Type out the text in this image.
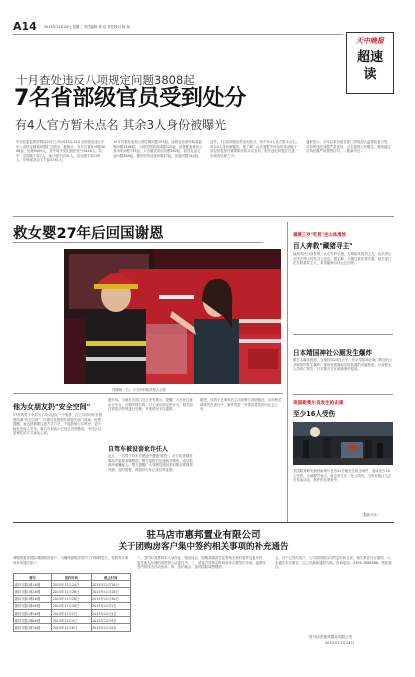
A14 2015年11月24日 星期二 责任编辑 黄 虹 责任校对 杨 杨
天中晚报
超速读
十月查处违反八项规定问题3808起
7名省部级官员受到处分
有4人官方暂未点名 其余3人身份被曝光
中央纪委监察部网站23日公布2015年10月全国查处违反中央八项规定精神问题汇总情况。据统计，当月共查处问题3808起，处理5089人，其中给予党纪政纪处分3446人。其中，省部级干部7人，地厅级干部31人，县处级干部259人，乡科级及以下干部4792人。
10月共查处违规公款吃喝问题153起，违规发放津补贴或福利问题1186起，公款国内旅游问题223起，违规配备使用公务用车问题735起，大办婚丧喜庆问题262起，收送礼品礼金问题488起，楼堂馆所违规问题17起，其他问题744起。
此外，7名省部级官员受到处分，其中有4人官方暂未点名，其余3人身份被曝光。据了解，此次通报中涉及的省部级干部包括曾担任重要职务的多名官员，相关违纪问题正在进一步调查处理之中。
通报显示，今年以来各地各部门持续加大监督检查力度，对顶风违纪问题严肃查处、点名道姓公开曝光，释放越往后执纪越严的强烈信号。（据新华社）
救女婴27年后回国谢恩
郑晓明（右）与当年的救命恩人合影
他为女朋友扔"安全空间"
27岁的男子小刘为了给女朋友一个惊喜，在公共场所私自搭建所谓"安全空间"，结果引发围观并被相关部门劝离。民警提醒，表达感情要注意方式方法，不能影响公共秩序，更不能危及他人安全。事后小刘表示已经认识到错误，今后会以更理性的方式表达心意。
据介绍，当地有关部门近日发布提示，提醒广大市民注意出行安全，合理安排行程。对于违反规定的行为，相关部门将依法依规进行处理，并视情况予以通报。
自驾车被设套讹诈任人
近日，一名男子驾车行驶途中遭遇"碰瓷"，对方故意制造事故并索要高额赔偿。警方接报后迅速展开调查，成功抓获涉案嫌疑人。警方提醒广大驾驶员遇到类似情况要保持冷静，及时报警，保留好行车记录仪等证据。
据悉，该男子在事发后主动向警方说明情况，目前相关调查仍在进行中，案件的进一步情况将及时向社会公布。
福建三岁"吃货"坐山体滑坡
百人奔救"藏猪寻主"
福州市民日前发现一头走失的小猪，为帮助其找到主人，众多热心市民在网上转发寻主信息。据了解，小猪已被妥善安置，相关部门正在联系其主人，希望能够尽快让它回家。
日本靖国神社公厕发生爆炸
据日本媒体报道，当地时间23日上午，东京靖国神社南门附近的公共厕所内发生爆炸，现场发现疑似定时装置的可疑物品。目前暂无人员伤亡报告，日本警方正在调查事件原因。
美国新奥尔良发生枪击案
至少16人受伤
美国路易斯安那州新奥尔良市22日晚发生枪击事件，造成至少16人受伤。当地警方表示，枪击发生在一处公园内，当时有数百人正在参加活动，案件仍在调查中。
（据新华社）
驻马店市惠邦置业有限公司
关于团购房客户集中签约相关事项的补充通告
尊敬的惠邦国际城团购房客户：为确保团购房签约工作顺利进行，现将有关事项补充通告如下：
楼号	签约时间	截止时间
惠邦·国际城1#楼	2015年11月24日	2015年11月26日
惠邦·国际城2#楼	2015年11月26日	2015年11月28日
惠邦·国际城3#楼	2015年11月28日	2015年11月30日
惠邦·国际城4#楼	2015年11月30日	2015年12月2日
惠邦·国际城5#楼	2015年12月2日	2015年12月4日
惠邦·国际城6#楼	2015年12月4日	2015年12月6日
惠邦·国际城7#楼	2015年12月6日	2015年12月8日
二、签约时须携带本人身份证、购房协议、团购款缴款凭证等相关资料原件及复印件，委托他人办理的须提供公证委托书。三、请客户按规定时间前来办理签约手续，逾期未签约的视为自动放弃。四、签约地点：惠邦国际城售楼部。
五、对于已签约客户，公司将按照合同约定时间交房，相关事宜另行通知。六、本通告未尽事宜，以公司最新通知为准。咨询电话：0396-2888888。特此通告。
驻马店市惠邦置业有限公司
2015年11月24日
